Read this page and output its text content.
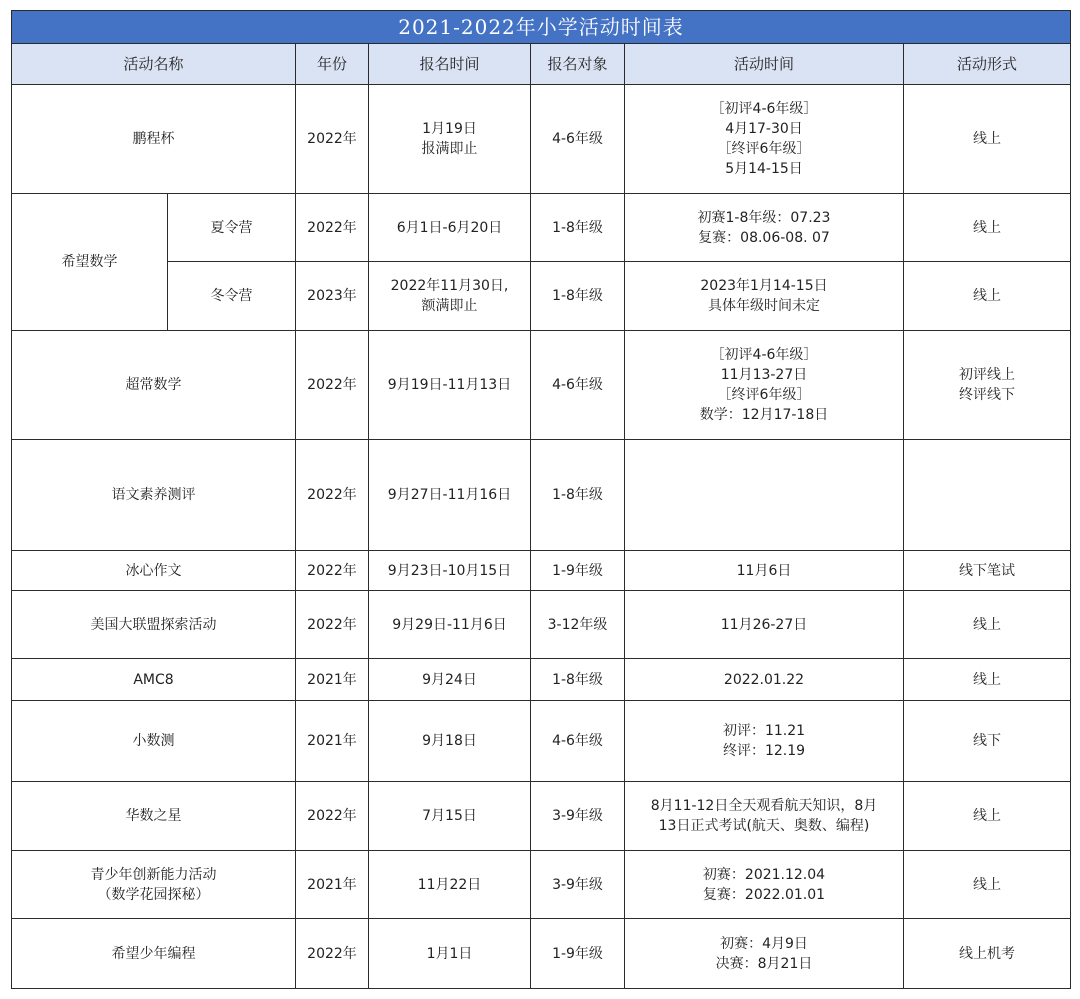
2021-2022年小学活动时间表						
活动名称		年份	报名时间	报名对象	活动时间	活动形式
鹏程杯		2022年	1月19日
报满即止	4-6年级	［初评4-6年级］
4月17-30日
［终评6年级］
5月14-15日	线上
希望数学	夏令营	2022年	6月1日-6月20日	1-8年级	初赛1-8年级：07.23
复赛：08.06-08. 07	线上
	冬令营	2023年	2022年11月30日,
额满即止	1-8年级	2023年1月14-15日
具体年级时间未定	线上
超常数学		2022年	9月19日-11月13日	4-6年级	［初评4-6年级］
11月13-27日
［终评6年级］
数学：12月17-18日	初评线上
终评线下
语文素养测评		2022年	9月27日-11月16日	1-8年级		
冰心作文		2022年	9月23日-10月15日	1-9年级	11月6日	线下笔试
美国大联盟探索活动		2022年	9月29日-11月6日	3-12年级	11月26-27日	线上
AMC8		2021年	9月24日	1-8年级	2022.01.22	线上
小数测		2021年	9月18日	4-6年级	初评：11.21
终评：12.19	线下
华数之星		2022年	7月15日	3-9年级	8月11-12日全天观看航天知识，8月
13日正式考试(航天、奥数、编程)	线上
青少年创新能力活动
（数学花园探秘）		2021年	11月22日	3-9年级	初赛：2021.12.04
复赛：2022.01.01	线上
希望少年编程		2022年	1月1日	1-9年级	初赛：4月9日
决赛：8月21日	线上机考
